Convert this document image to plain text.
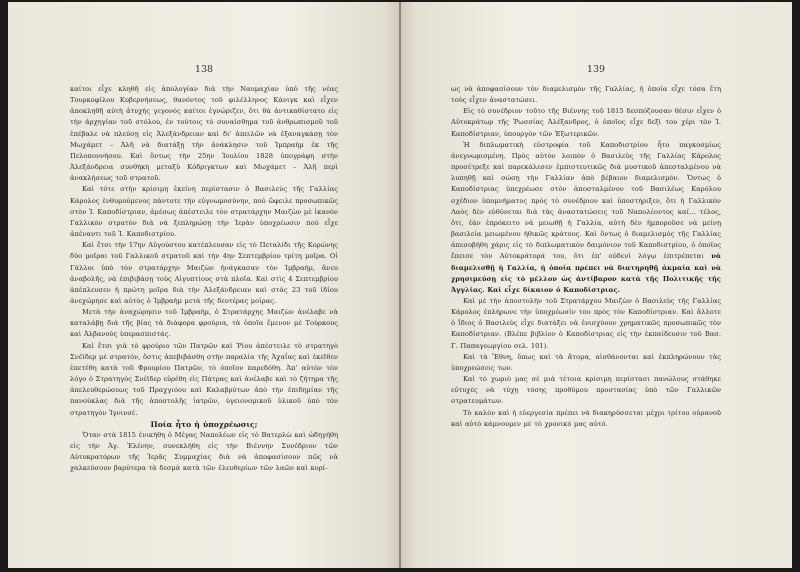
138

καίτοι εἶχε κληθῆ εἰς ἀπολογίαν διὰ τὴν Ναυμαχίαν ὑπὸ τῆς νέας Τουρκοφίλου Κυβερνήσεως, θανόντος τοῦ φιλέλληνος Κάνιγκ καὶ εἶχεν ἀποκληθῆ αὐτὴ ἀτυχὴς γεγονὸς καίτοι ἐγνώριζεν, ὅτι θὰ ἀντικαθίστατο εἰς τὴν ἀρχηγίαν τοῦ στόλου, ἐν τούτοις τὸ συναίσθημα τοῦ ἀνθρωπισμοῦ τοῦ ἐπέβαλε νὰ πλεύσῃ εἰς Ἀλεξάνδρειαν καὶ δι' ἀπειλῶν νὰ ἐξαναγκάσῃ τὸν Μωχάμετ – Ἀλῆ νὰ διατάξῃ τὴν ἀνάκλησιν τοῦ Ἰμπραὴμ ἐκ τῆς Πελοποννήσου. Καὶ ὄντως τὴν 25ην Ἰουλίου 1828 ὑπογράφη στὴν Ἀλεξάνδρεια συνθήκη μεταξὺ Κόδριγκτων καὶ Μωχάμετ – Ἀλῆ περὶ ἀνακλήσεως τοῦ στρατοῦ.

Καὶ τότε στὴν κρίσιμη ἐκείνη περίστασιν ὁ Βασιλεὺς τῆς Γαλλίας Κάρολος ἐνθυμούμενος πάντοτε τὴν εὐγνωμοσύνην, πού ὤφειλε προσωπικῶς στὸν Ἰ. Καποδίστριαν, ἀμέσως ἀπέστειλε τὸν στρατάρχην Μαιζὼν μὲ ἱκανὸν Γαλλικὸν στρατὸν διὰ νὰ ξεπληρώσῃ τὴν Ἱερὰν ὑποχρέωσιν πού εἶχε ἀπέναντι τοῦ Ἰ. Καποδιστρίου.

Καὶ ἔτσι τὴν 17ην Αὐγούστου κατέπλευσαν εἰς τὸ Πεταλίδι τῆς Κορώνης δύο μοῖραι τοῦ Γαλλικοῦ στρατοῦ καὶ τὴν 4ην Σεπτεμβρίου τρίτη μοῖρα. Οἱ Γάλλοι ὑπὸ τὸν στρατάρχην Μαιζὼν ἠνάγκασαν τὸν Ἰμβραήμ, ἄνευ ἀναβολῆς, νὰ ἐπιβιβάσῃ τοὺς Αἰγυπτίους στὰ πλοῖα. Καὶ στὶς 4 Σεπτεμβρίου ἀπέπλευσεν ἡ πρώτη μοῖρα διὰ τὴν Ἀλεξάνδρειαν καὶ στὰς 23 τοῦ ἰδίου ἀνεχώρησε καὶ αὐτὸς ὁ Ἰμβραὴμ μετὰ τῆς δευτέρας μοίρας.

Μετὰ τὴν ἀναχώρησιν τοῦ Ἰμβραήμ, ὁ Στρατάρχης Μαιζὼν ἀνέλαβε νὰ καταλάβῃ διὰ τῆς βίας τὰ διάφορα φρούρια, τὰ ὁποῖα ἔμενον μὲ Τούρκους καὶ Ἀλβανοὺς ὑπερασπιστάς.

Καὶ ἔτσι γιὰ τὸ φρούριο τῶν Πατρῶν καὶ Ῥίου ἀπέστειλε τὸ στρατηγὸ Σνέϊδερ μὲ στρατόν, ὅστις ἀπεβιβάσθη στὴν παραλία τῆς Ἀχαΐας καὶ ἐκεῖθεν ἐπετέθη κατὰ τοῦ Φρουρίου Πατρῶν, τὸ ὁποῖον παρεδόθη. Ἀπ' αὐτὸν τὸν λόγο ὁ Στρατηγὸς Σνέϊδερ εὑρέθη εἰς Πάτρας καὶ ἀνέλαβε καὶ τὸ ζήτημα τῆς ἀπελευθερώσεως τοῦ Πραχγιόου καὶ Καλαβρύτων ἀπὸ τὴν ἐπιδημίαν τῆς πανούκλας διὰ τῆς ἀποστολῆς ἰατρῶν, ὑγειονομικοῦ ὑλικοῦ ὑπὸ τὸν στρατηγὸν Ἰγνινσέ.

Ποία ἦτο ἡ ὑποχρέωσις;

Ὅταν στὰ 1815 ἐνικήθη ὁ Μέγας Ναπολέων εἰς τὸ Βατερλὼ καὶ ὡδηγήθη εἰς τὴν Ἁγ. Ἑλένην, συνεκλήθη εἰς τὴν Βιέννην Συνέδριον τῶν Αὐτοκρατόρων τῆς Ἱερᾶς Συμμαχίας διὰ νὰ ἀποφασίσουν πῶς νὰ χαλκεύσουν βαρύτερα τὰ δεσμὰ κατὰ τῶν ἐλευθερίων τῶν λαῶν καὶ κυρί-

139

ως νὰ ἀποφασίσουν τὸν διαμελισμὸν τῆς Γαλλίας, ἡ ὁποία εἶχε τόσα ἔτη τοὺς εἶχεν ἀναστατώσει.

Εἰς τὸ συνέδριον τοῦτο τῆς Βιέννης τοῦ 1815 δεσπόζουσαν θέσιν εἶχεν ὁ Αὐτοκράτωρ τῆς Ῥωσσίας Ἀλέξανδρος, ὁ ὁποῖος εἶχε δεξὶ του χέρι τὸν Ἰ. Καποδίστριαν, ὑπουργὸν τῶν Ἐξωτερικῶν.

Ἡ διπλωματικὴ εὐστροφία τοῦ Καποδιστρίου ἦτο παγκοσμίως ἀνεγνωρισμένη. Πρὸς αὐτὸν λοιπὸν ὁ Βασιλεὺς τῆς Γαλλίας Κάρολος προσέτρεξε καὶ παρεκάλεσεν ἐμπιστευτικῶς διὰ μυστικοῦ ἀπεσταλμένου νὰ λυπηθῇ καὶ σώσῃ τὴν Γαλλίαν ἀπὸ βέβαιον διαμελισμόν. Ὄντως ὁ Καποδίστριας ὑπεχρέωσε στὸν ἀποσταλμένον τοῦ Βασιλέως Καρόλου σχέδιον ὑπομνήματος πρὸς τὸ συνέδριον καὶ ὑποστήριξεν, ὅτι ἡ Γαλλικὸν Λαὸς δὲν εὐθύνεται διὰ τὰς ἀναστατώσεις τοῦ Ναπολέοντος καί... τέλος, ὅτι, ἐὰν ἐπρόκειτο νὰ μειωθῇ ἡ Γαλλία, αὐτὴ δὲν ἠμποροῦσε νὰ μείνῃ βασιλεία μειωμένου ἠθικῶς κράτους. Καὶ ὄντως ὁ διαμελισμὸς τῆς Γαλλίας ἀπεσοβήθη χάρις εἰς τὸ διπλωματικὸν δαιμόνιον τοῦ Καποδιστρίου, ὁ ὁποῖος ἔπεισε τὸν Αὐτοκράτορά του, ὅτι ἐπ' οὐδενὶ λόγῳ ἐπιτρέπεται νὰ διαμελισθῇ ἡ Γαλλία, ἡ ὁποία πρέπει νὰ διατηρηθῇ ἀκμαία καὶ νὰ χρησιμεύσῃ εἰς τὸ μέλλον ὡς ἀντίβαρον κατὰ τῆς Πολιτικῆς τῆς Ἀγγλίας. Καὶ εἶχε δίκαιον ὁ Καποδίστριας.

Καὶ μὲ τὴν ἀποστολὴν τοῦ Στρατάρχου Μαιζὼν ὁ Βασιλεὺς τῆς Γαλλίας Κάρολος ἐπλήρωνε τὴν ὑποχρέωσίν του πρὸς τὸν Καποδίστριαν. Καὶ ἄλλοτε ὁ ἴδιος ὁ Βασιλεὺς εἶχε διατάξει νὰ ἐνισχύουν χρηματικῶς προσωπικῶς τὸν Καποδίστριαν. (Βλέπε βιβλίον ὁ Καποδίστριας εἰς τὴν ἐκπαίδευσιν τοῦ Βασ. Γ. Παπαγεωργίου σελ. 101).

Καὶ τὰ Ἔθνη, ὅπως καὶ τὰ ἄτομα, αἰσθάνονται καὶ ἐκπληρώνουν τὰς ὑποχρεώσεις των.

Καὶ τὸ χωριὸ μας σὲ μιὰ τέτοια κρίσιμη περίστασι πανώλους στάθηκε εὐτυχὲς νὰ τύχῃ τόσης προθύμου προστασίας ὑπὸ τῶν Γαλλικῶν στρατευμάτων.

Τὸ καλὸν καὶ ἡ εὐεργεσία πρέπει νὰ διακηρύσσεται μέχρι τρίτου οὐρανοῦ καὶ αὐτὸ κάμνουμεν μὲ τὸ χρονικό μας αὐτό.
